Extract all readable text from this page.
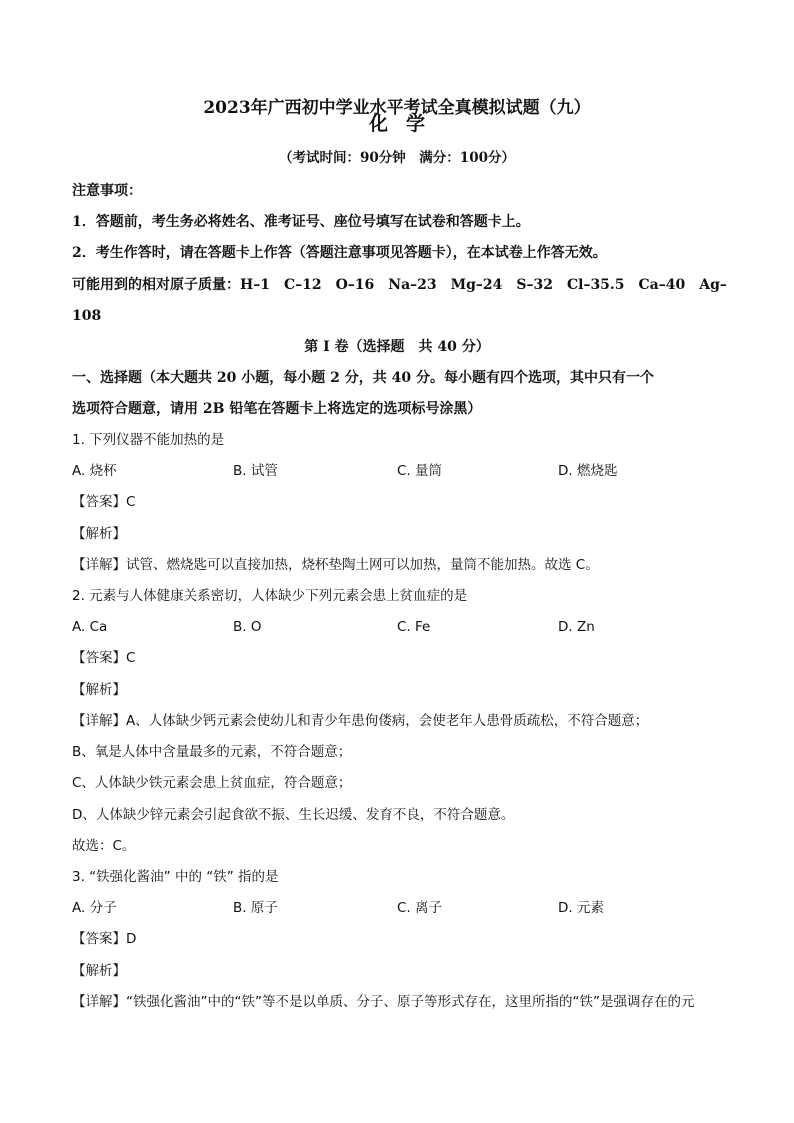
2023年广西初中学业水平考试全真模拟试题（九）
化学
（考试时间：90分钟　满分：100分）
注意事项：
1．答题前，考生务必将姓名、准考证号、座位号填写在试卷和答题卡上。
2．考生作答时，请在答题卡上作答（答题注意事项见答题卡），在本试卷上作答无效。
可能用到的相对原子质量：H–1　C–12　O–16　Na–23　Mg–24　S–32　Cl–35.5　Ca–40　Ag–
108
第 I 卷（选择题　共 40 分）
一、选择题（本大题共 20 小题，每小题 2 分，共 40 分。每小题有四个选项，其中只有一个
选项符合题意，请用 2B 铅笔在答题卡上将选定的选项标号涂黑）
1. 下列仪器不能加热的是
A. 烧杯	B. 试管	C. 量筒	D. 燃烧匙
【答案】C
【解析】
【详解】试管、燃烧匙可以直接加热，烧杯垫陶土网可以加热，量筒不能加热。故选 C。
2. 元素与人体健康关系密切，人体缺少下列元素会患上贫血症的是
A. Ca	B. O	C. Fe	D. Zn
【答案】C
【解析】
【详解】A、人体缺少钙元素会使幼儿和青少年患佝偻病，会使老年人患骨质疏松，不符合题意；
B、氧是人体中含量最多的元素，不符合题意；
C、人体缺少铁元素会患上贫血症，符合题意；
D、人体缺少锌元素会引起食欲不振、生长迟缓、发育不良，不符合题意。
故选：C。
3. “铁强化酱油” 中的 “铁” 指的是
A. 分子	B. 原子	C. 离子	D. 元素
【答案】D
【解析】
【详解】“铁强化酱油”中的“铁”等不是以单质、分子、原子等形式存在，这里所指的“铁”是强调存在的元
